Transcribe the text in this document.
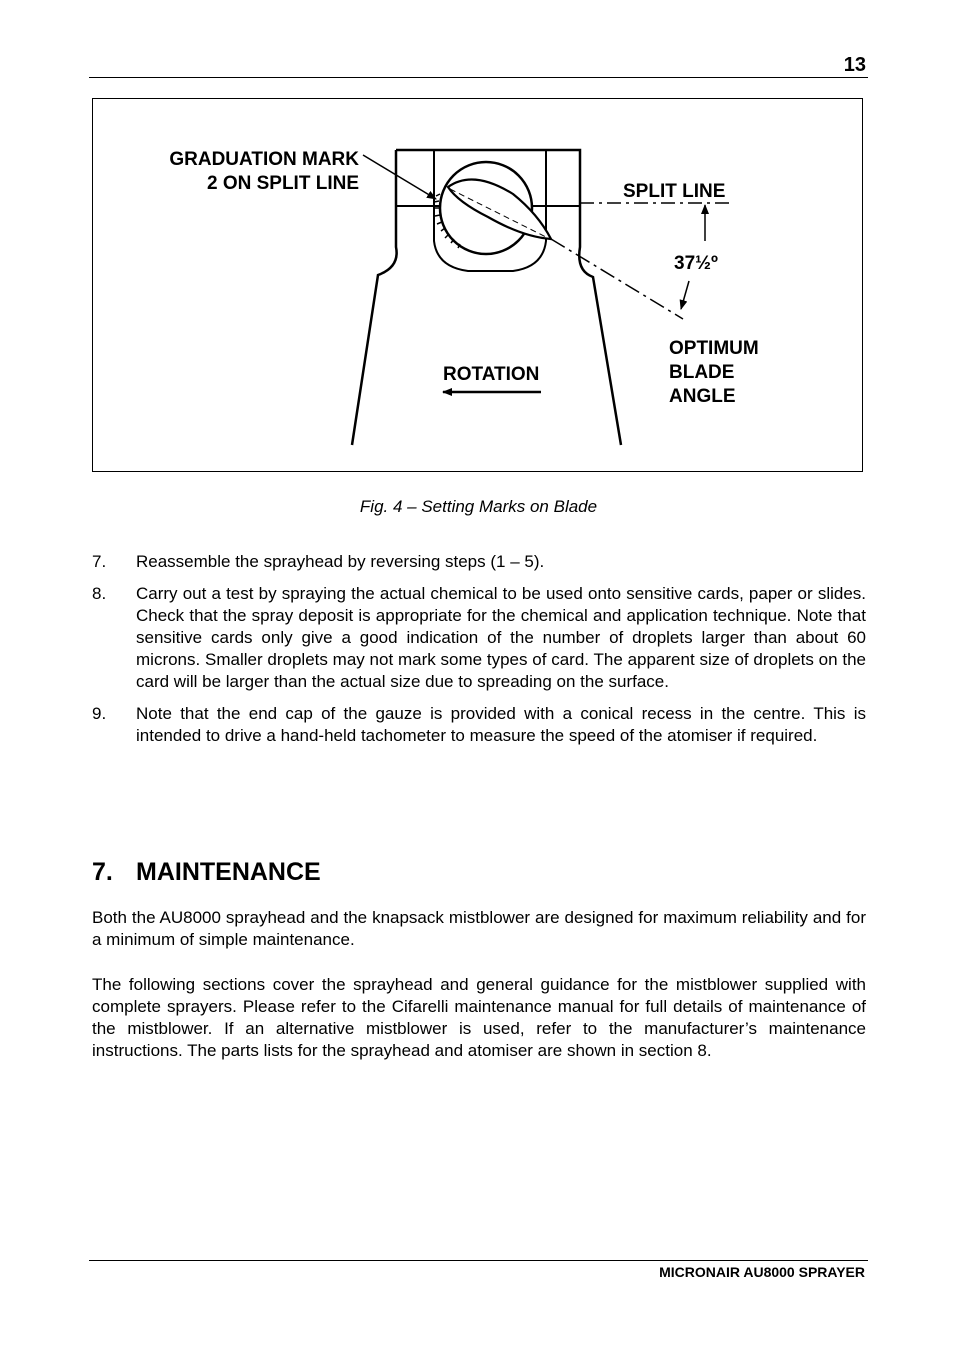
13
GRADUATION MARK
2 ON SPLIT LINE	SPLIT LINE
37½º
OPTIMUM
BLADE
ANGLE
ROTATION
Fig. 4 – Setting Marks on Blade
7. Reassemble the sprayhead by reversing steps (1 – 5).
8. Carry out a test by spraying the actual chemical to be used onto sensitive cards, paper or slides. Check that the spray deposit is appropriate for the chemical and application technique. Note that sensitive cards only give a good indication of the number of droplets larger than about 60 microns. Smaller droplets may not mark some types of card. The apparent size of droplets on the card will be larger than the actual size due to spreading on the surface.
9. Note that the end cap of the gauze is provided with a conical recess in the centre. This is intended to drive a hand-held tachometer to measure the speed of the atomiser if required.
7. MAINTENANCE

Both the AU8000 sprayhead and the knapsack mistblower are designed for maximum reliability and for a minimum of simple maintenance.

The following sections cover the sprayhead and general guidance for the mistblower supplied with complete sprayers. Please refer to the Cifarelli maintenance manual for full details of maintenance of the mistblower. If an alternative mistblower is used, refer to the manufacturer’s maintenance instructions. The parts lists for the sprayhead and atomiser are shown in section 8.

MICRONAIR AU8000 SPRAYER
